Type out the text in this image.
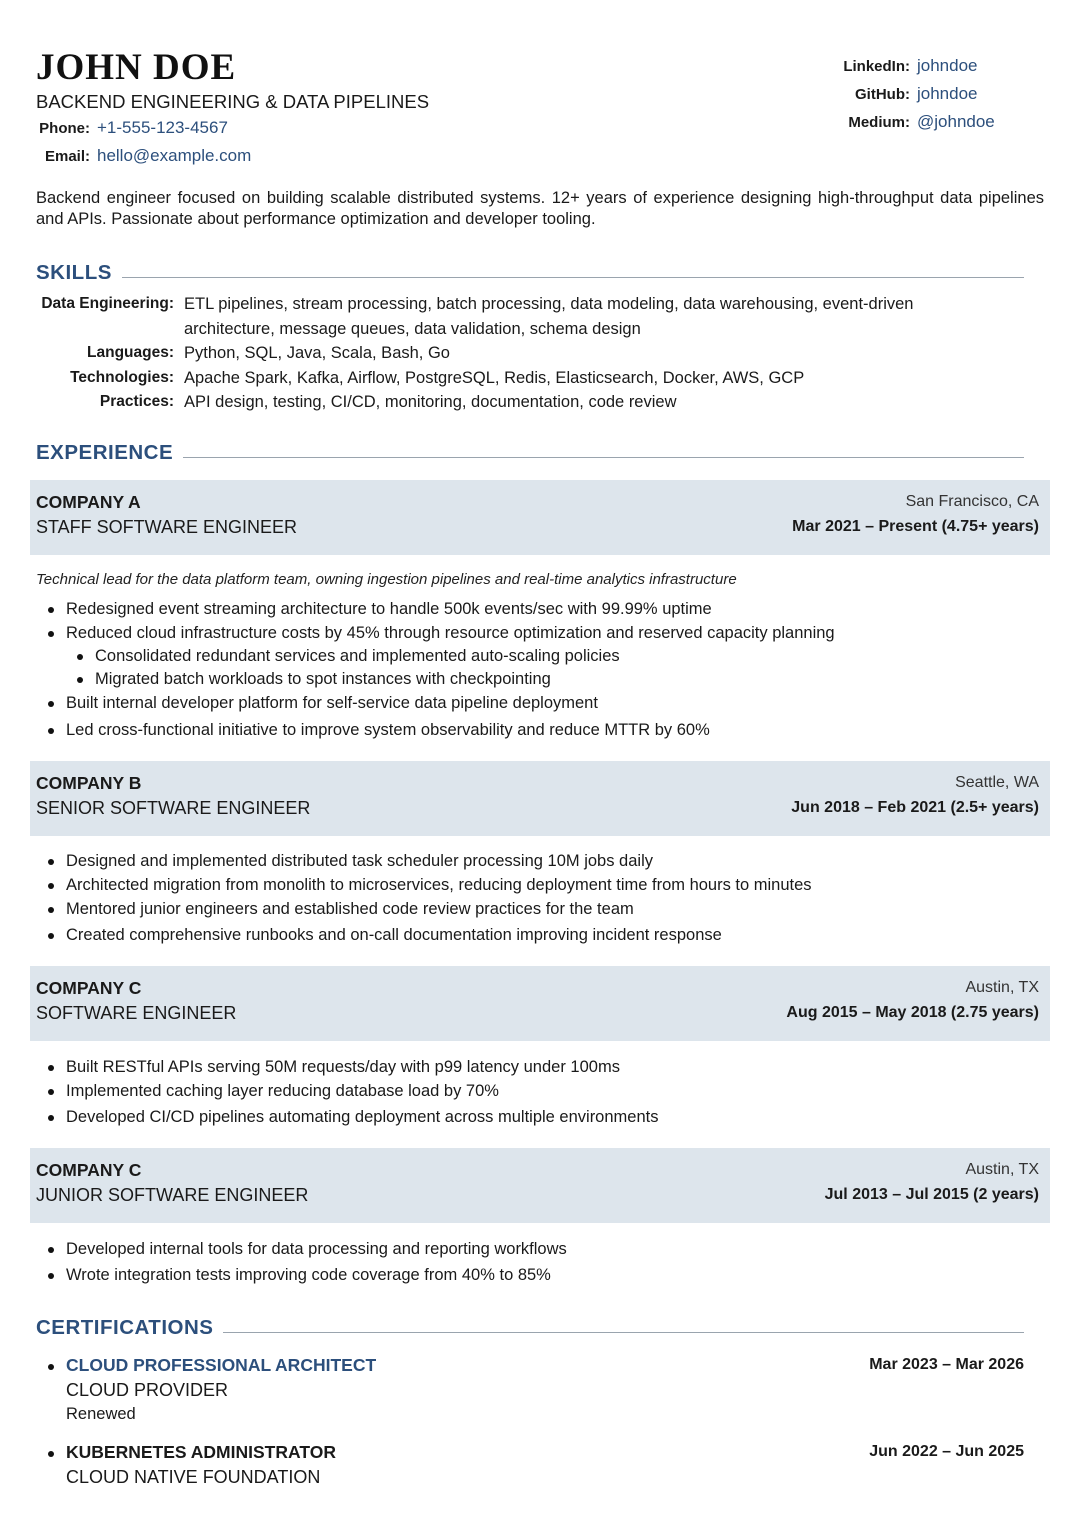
JOHN DOE
BACKEND ENGINEERING & DATA PIPELINES
Phone: +1-555-123-4567
Email: hello@example.com
LinkedIn: johndoe
GitHub: johndoe
Medium: @johndoe
Backend engineer focused on building scalable distributed systems. 12+ years of experience designing high-throughput data pipelines and APIs. Passionate about performance optimization and developer tooling.
SKILLS
Data Engineering: ETL pipelines, stream processing, batch processing, data modeling, data warehousing, event-driven architecture, message queues, data validation, schema design
Languages: Python, SQL, Java, Scala, Bash, Go
Technologies: Apache Spark, Kafka, Airflow, PostgreSQL, Redis, Elasticsearch, Docker, AWS, GCP
Practices: API design, testing, CI/CD, monitoring, documentation, code review
EXPERIENCE
COMPANY A
STAFF SOFTWARE ENGINEER
San Francisco, CA
Mar 2021 – Present (4.75+ years)
Technical lead for the data platform team, owning ingestion pipelines and real-time analytics infrastructure
Redesigned event streaming architecture to handle 500k events/sec with 99.99% uptime
Reduced cloud infrastructure costs by 45% through resource optimization and reserved capacity planning
Consolidated redundant services and implemented auto-scaling policies
Migrated batch workloads to spot instances with checkpointing
Built internal developer platform for self-service data pipeline deployment
Led cross-functional initiative to improve system observability and reduce MTTR by 60%
COMPANY B
SENIOR SOFTWARE ENGINEER
Seattle, WA
Jun 2018 – Feb 2021 (2.5+ years)
Designed and implemented distributed task scheduler processing 10M jobs daily
Architected migration from monolith to microservices, reducing deployment time from hours to minutes
Mentored junior engineers and established code review practices for the team
Created comprehensive runbooks and on-call documentation improving incident response
COMPANY C
SOFTWARE ENGINEER
Austin, TX
Aug 2015 – May 2018 (2.75 years)
Built RESTful APIs serving 50M requests/day with p99 latency under 100ms
Implemented caching layer reducing database load by 70%
Developed CI/CD pipelines automating deployment across multiple environments
COMPANY C
JUNIOR SOFTWARE ENGINEER
Austin, TX
Jul 2013 – Jul 2015 (2 years)
Developed internal tools for data processing and reporting workflows
Wrote integration tests improving code coverage from 40% to 85%
CERTIFICATIONS
CLOUD PROFESSIONAL ARCHITECT
CLOUD PROVIDER
Renewed
Mar 2023 – Mar 2026
KUBERNETES ADMINISTRATOR
CLOUD NATIVE FOUNDATION
Jun 2022 – Jun 2025
